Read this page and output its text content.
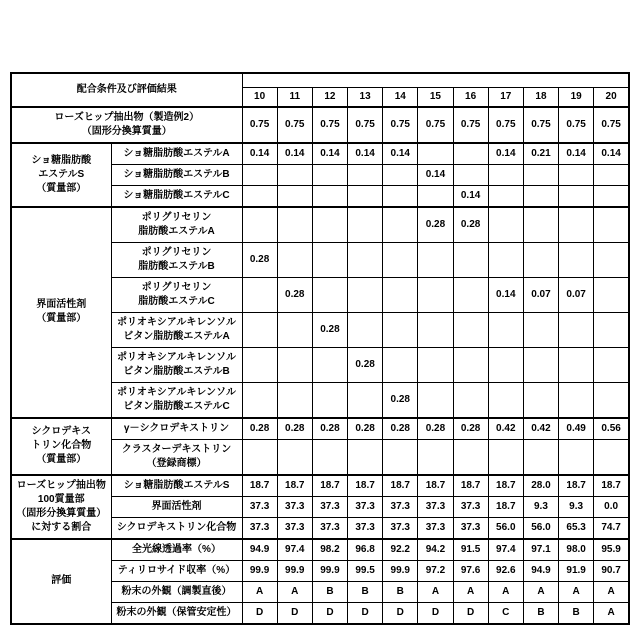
配合条件及び評価結果												
		10	11	12	13	14	15	16	17	18	19	20

ローズヒップ抽出物（製造例2）
（固形分換算質量）		0.75	0.75	0.75	0.75	0.75	0.75	0.75	0.75	0.75	0.75	0.75

ショ糖脂肪酸
エステルS
（質量部）	ショ糖脂肪酸エステルA	0.14	0.14	0.14	0.14	0.14			0.14	0.21	0.14	0.14

	ショ糖脂肪酸エステルB						0.14					

	ショ糖脂肪酸エステルC							0.14				

界面活性剤
（質量部）

ポリグリセリン
脂肪酸エステルA
						0.28	0.28				

	ポリグリセリン
脂肪酸エステルB	0.28										

	ポリグリセリン
脂肪酸エステルC		0.28						0.14	0.07	0.07	

	ポリオキシアルキレンソル
ビタン脂肪酸エステルA			0.28								

	ポリオキシアルキレンソル
ビタン脂肪酸エステルB				0.28							

	ポリオキシアルキレンソル
ビタン脂肪酸エステルC					0.28						

シクロデキス
トリン化合物
（質量部）	γ－シクロデキストリン	0.28	0.28	0.28	0.28	0.28	0.28	0.28	0.42	0.42	0.49	0.56

	クラスターデキストリン
（登録商標）											

ローズヒップ抽出物
100質量部
（固形分換算質量）
に対する割合	ショ糖脂肪酸エステルS	18.7	18.7	18.7	18.7	18.7	18.7	18.7	18.7	28.0	18.7	18.7

	界面活性剤	37.3	37.3	37.3	37.3	37.3	37.3	37.3	18.7	9.3	9.3	0.0

	シクロデキストリン化合物	37.3	37.3	37.3	37.3	37.3	37.3	37.3	56.0	56.0	65.3	74.7

評価	全光線透過率（%）	94.9	97.4	98.2	96.8	92.2	94.2	91.5	97.4	97.1	98.0	95.9

	ティリロサイド収率（%）	99.9	99.9	99.9	99.5	99.9	97.2	97.6	92.6	94.9	91.9	90.7

	粉末の外観（調製直後）	A	A	B	B	B	A	A	A	A	A	A

	粉末の外観（保管安定性）	D	D	D	D	D	D	D	C	B	B	A
